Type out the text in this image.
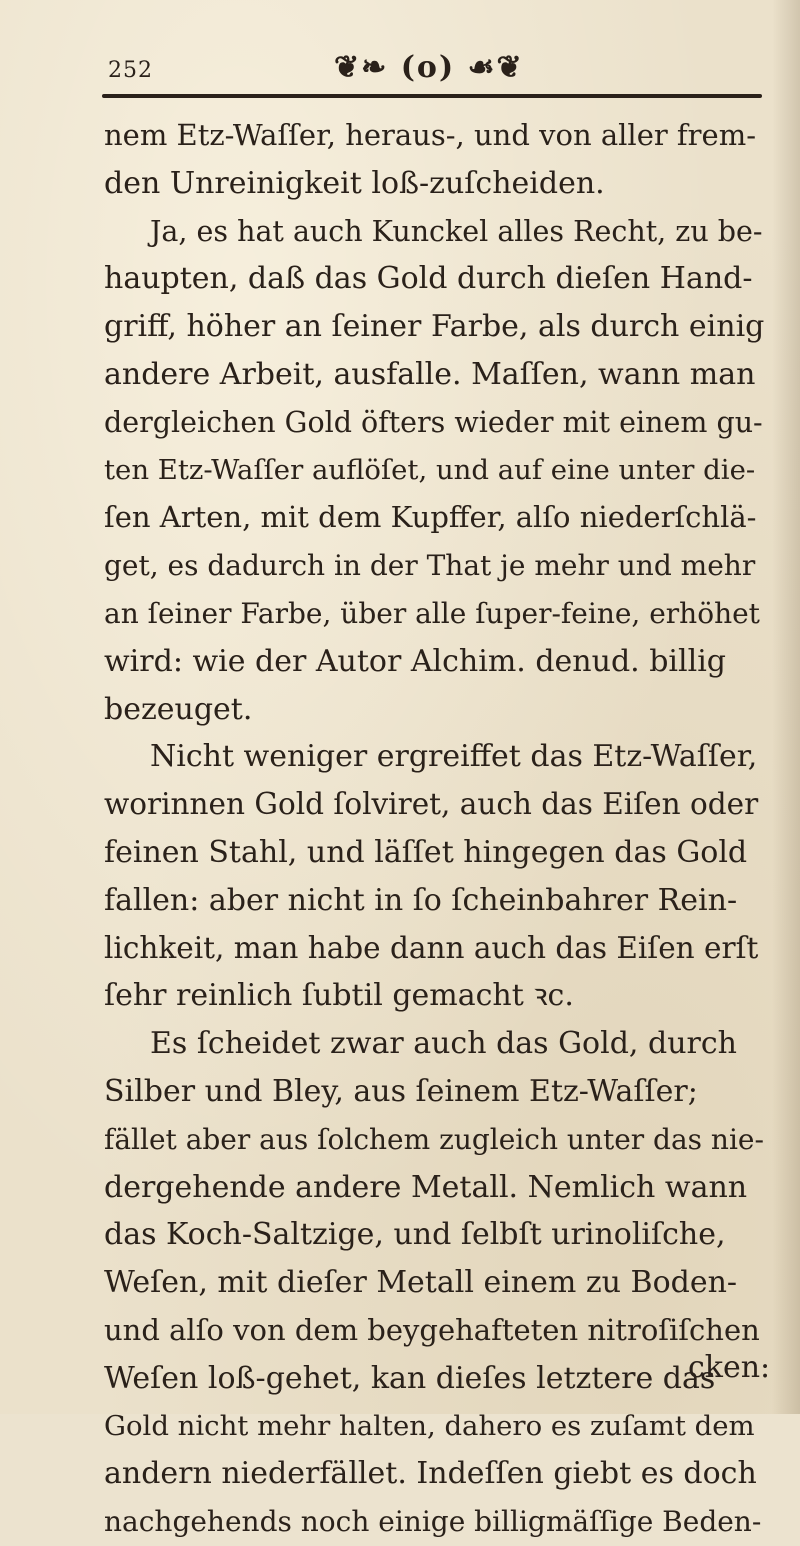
252	❦❧ (o) ☙❦
nem Etz-Waſſer, heraus-, und von aller frem-
den Unreinigkeit loß-zuſcheiden.
Ja, es hat auch Kunckel alles Recht, zu be-
haupten, daß das Gold durch dieſen Hand-
griff, höher an ſeiner Farbe, als durch einig
andere Arbeit, ausfalle. Maſſen, wann man
dergleichen Gold öfters wieder mit einem gu-
ten Etz-Waſſer auflöſet, und auf eine unter die-
ſen Arten, mit dem Kupffer, alſo niederſchlä-
get, es dadurch in der That je mehr und mehr
an ſeiner Farbe, über alle ſuper-feine, erhöhet
wird: wie der Autor Alchim. denud. billig
bezeuget.
Nicht weniger ergreiffet das Etz-Waſſer,
worinnen Gold ſolviret, auch das Eiſen oder
feinen Stahl, und läſſet hingegen das Gold
fallen: aber nicht in ſo ſcheinbahrer Rein-
lichkeit, man habe dann auch das Eiſen erſt
ſehr reinlich ſubtil gemacht ꝛc.
Es ſcheidet zwar auch das Gold, durch
Silber und Bley, aus ſeinem Etz-Waſſer;
fället aber aus ſolchem zugleich unter das nie-
dergehende andere Metall. Nemlich wann
das Koch-Saltzige, und ſelbſt urinoliſche,
Weſen, mit dieſer Metall einem zu Boden-
und alſo von dem beygehafteten nitroſiſchen
Weſen loß-gehet, kan dieſes letztere das
Gold nicht mehr halten, dahero es zuſamt dem
andern niederfället. Indeſſen giebt es doch
nachgehends noch einige billigmäſſige Beden-
cken:
